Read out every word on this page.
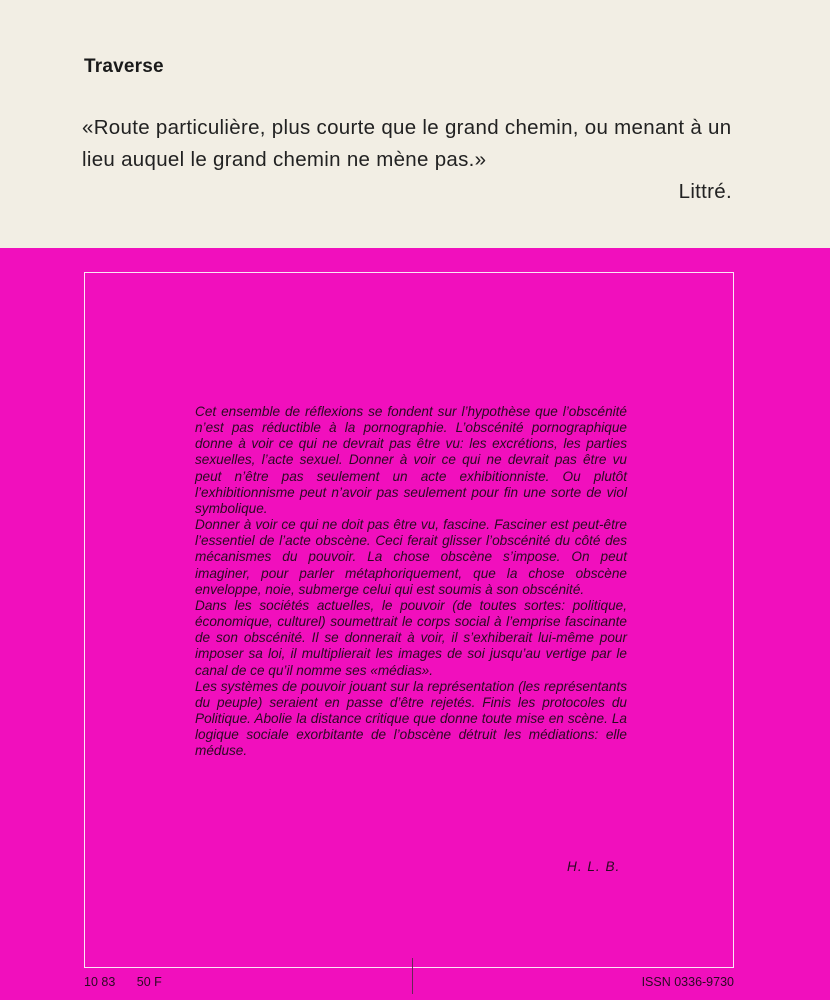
Traverse
«Route particulière, plus courte que le grand chemin, ou menant à un lieu auquel le grand chemin ne mène pas.»
Littré.

Cet ensemble de réflexions se fondent sur l’hypothèse que l’obscénité n’est pas réductible à la pornographie. L’obscénité pornographique donne à voir ce qui ne devrait pas être vu: les excrétions, les parties sexuelles, l’acte sexuel. Donner à voir ce qui ne devrait pas être vu peut n’être pas seulement un acte exhibitionniste. Ou plutôt l’exhibitionnisme peut n’avoir pas seulement pour fin une sorte de viol symbolique.

Donner à voir ce qui ne doit pas être vu, fascine. Fasciner est peut-être l’essentiel de l’acte obscène. Ceci ferait glisser l’obscénité du côté des mécanismes du pouvoir. La chose obscène s’impose. On peut imaginer, pour parler métaphoriquement, que la chose obscène enveloppe, noie, submerge celui qui est soumis à son obscénité.

Dans les sociétés actuelles, le pouvoir (de toutes sortes: politique, économique, culturel) soumettrait le corps social à l’emprise fascinante de son obscénité. Il se donnerait à voir, il s’exhiberait lui-même pour imposer sa loi, il multiplierait les images de soi jusqu’au vertige par le canal de ce qu’il nomme ses «médias».

Les systèmes de pouvoir jouant sur la représentation (les représentants du peuple) seraient en passe d’être rejetés. Finis les protocoles du Politique. Abolie la distance critique que donne toute mise en scène. La logique sociale exorbitante de l’obscène détruit les médiations: elle méduse.

H. L. B.
10 83 50 F	ISSN 0336-9730
